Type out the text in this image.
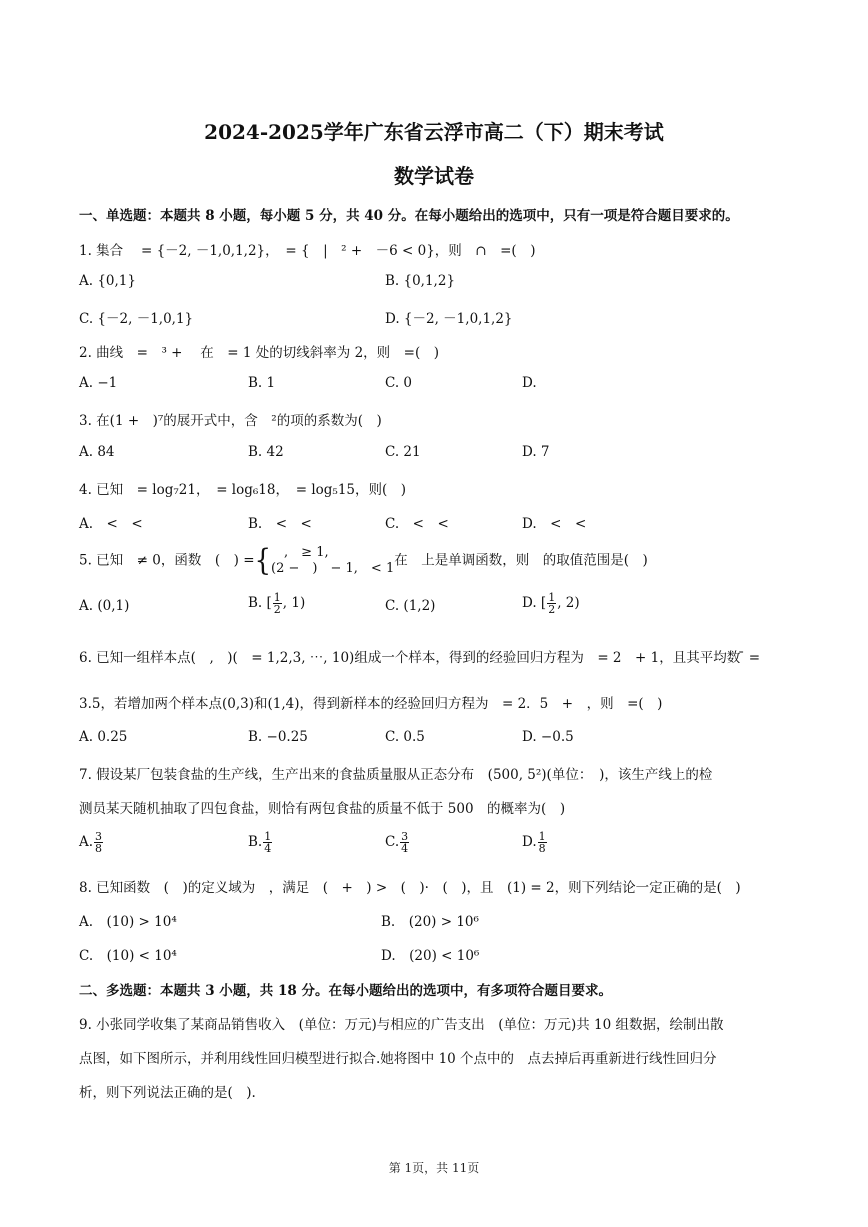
2024-2025学年广东省云浮市高二（下）期末考试
数学试卷
一、单选题：本题共 8 小题，每小题 5 分，共 40 分。在每小题给出的选项中，只有一项是符合题目要求的。
1. 集合 　= {－2, －1,0,1,2}，　= {　|　² +　－6 < 0}，则　∩　=(　)
A. {0,1}	B. {0,1,2}
C. {－2, －1,0,1}	D. {－2, －1,0,1,2}
2. 曲线　=　³ +　 在　= 1 处的切线斜率为 2，则　=(　)
A. −1	B. 1	C. 0	D.
3. 在(1 +　)⁷的展开式中，含　²的项的系数为(　)
A. 84	B. 42	C. 21	D. 7
4. 已知　= log₇21，　= log₆18，　= log₅15，则(　)
A.　<　<	B.　<　<	C.　<　<	D.　<　<
5. 已知　≠ 0，函数　(　) ={ 　,　≥ 1,
(2 −　)　− 1,　< 1 在　上是单调函数，则　的取值范围是(　)
A. (0,1)	B. [ $\frac{1}{2}$ , 1)	C. (1,2)	D. [ $\frac{1}{2}$ , 2)
6. 已知一组样本点(　,　)(　= 1,2,3, ⋯, 10)组成一个样本，得到的经验回归方程为　= 2　+ 1，且其平均数 ̄ =
3.5，若增加两个样本点(0,3)和(1,4)，得到新样本的经验回归方程为　= 2．5　+　，则　=(　)
A. 0.25	B. −0.25	C. 0.5	D. −0.5
7. 假设某厂包装食盐的生产线，生产出来的食盐质量服从正态分布　(500, 5²)(单位：　)，该生产线上的检
测员某天随机抽取了四包食盐，则恰有两包食盐的质量不低于 500　的概率为(　)
A. $\frac{3}{8}$	B. $\frac{1}{4}$	C. $\frac{3}{4}$	D. $\frac{1}{8}$
8. 已知函数　(　)的定义域为　，满足　(　+　) >　(　)·　(　)，且　(1) = 2，则下列结论一定正确的是(　)
A.　(10) > 10⁴	B.　(20) > 10⁶
C.　(10) < 10⁴	D.　(20) < 10⁶
二、多选题：本题共 3 小题，共 18 分。在每小题给出的选项中，有多项符合题目要求。
9. 小张同学收集了某商品销售收入　(单位：万元)与相应的广告支出　(单位：万元)共 10 组数据，绘制出散
点图，如下图所示，并利用线性回归模型进行拟合.她将图中 10 个点中的　点去掉后再重新进行线性回归分
析，则下列说法正确的是(　).
第 1页，共 11页
